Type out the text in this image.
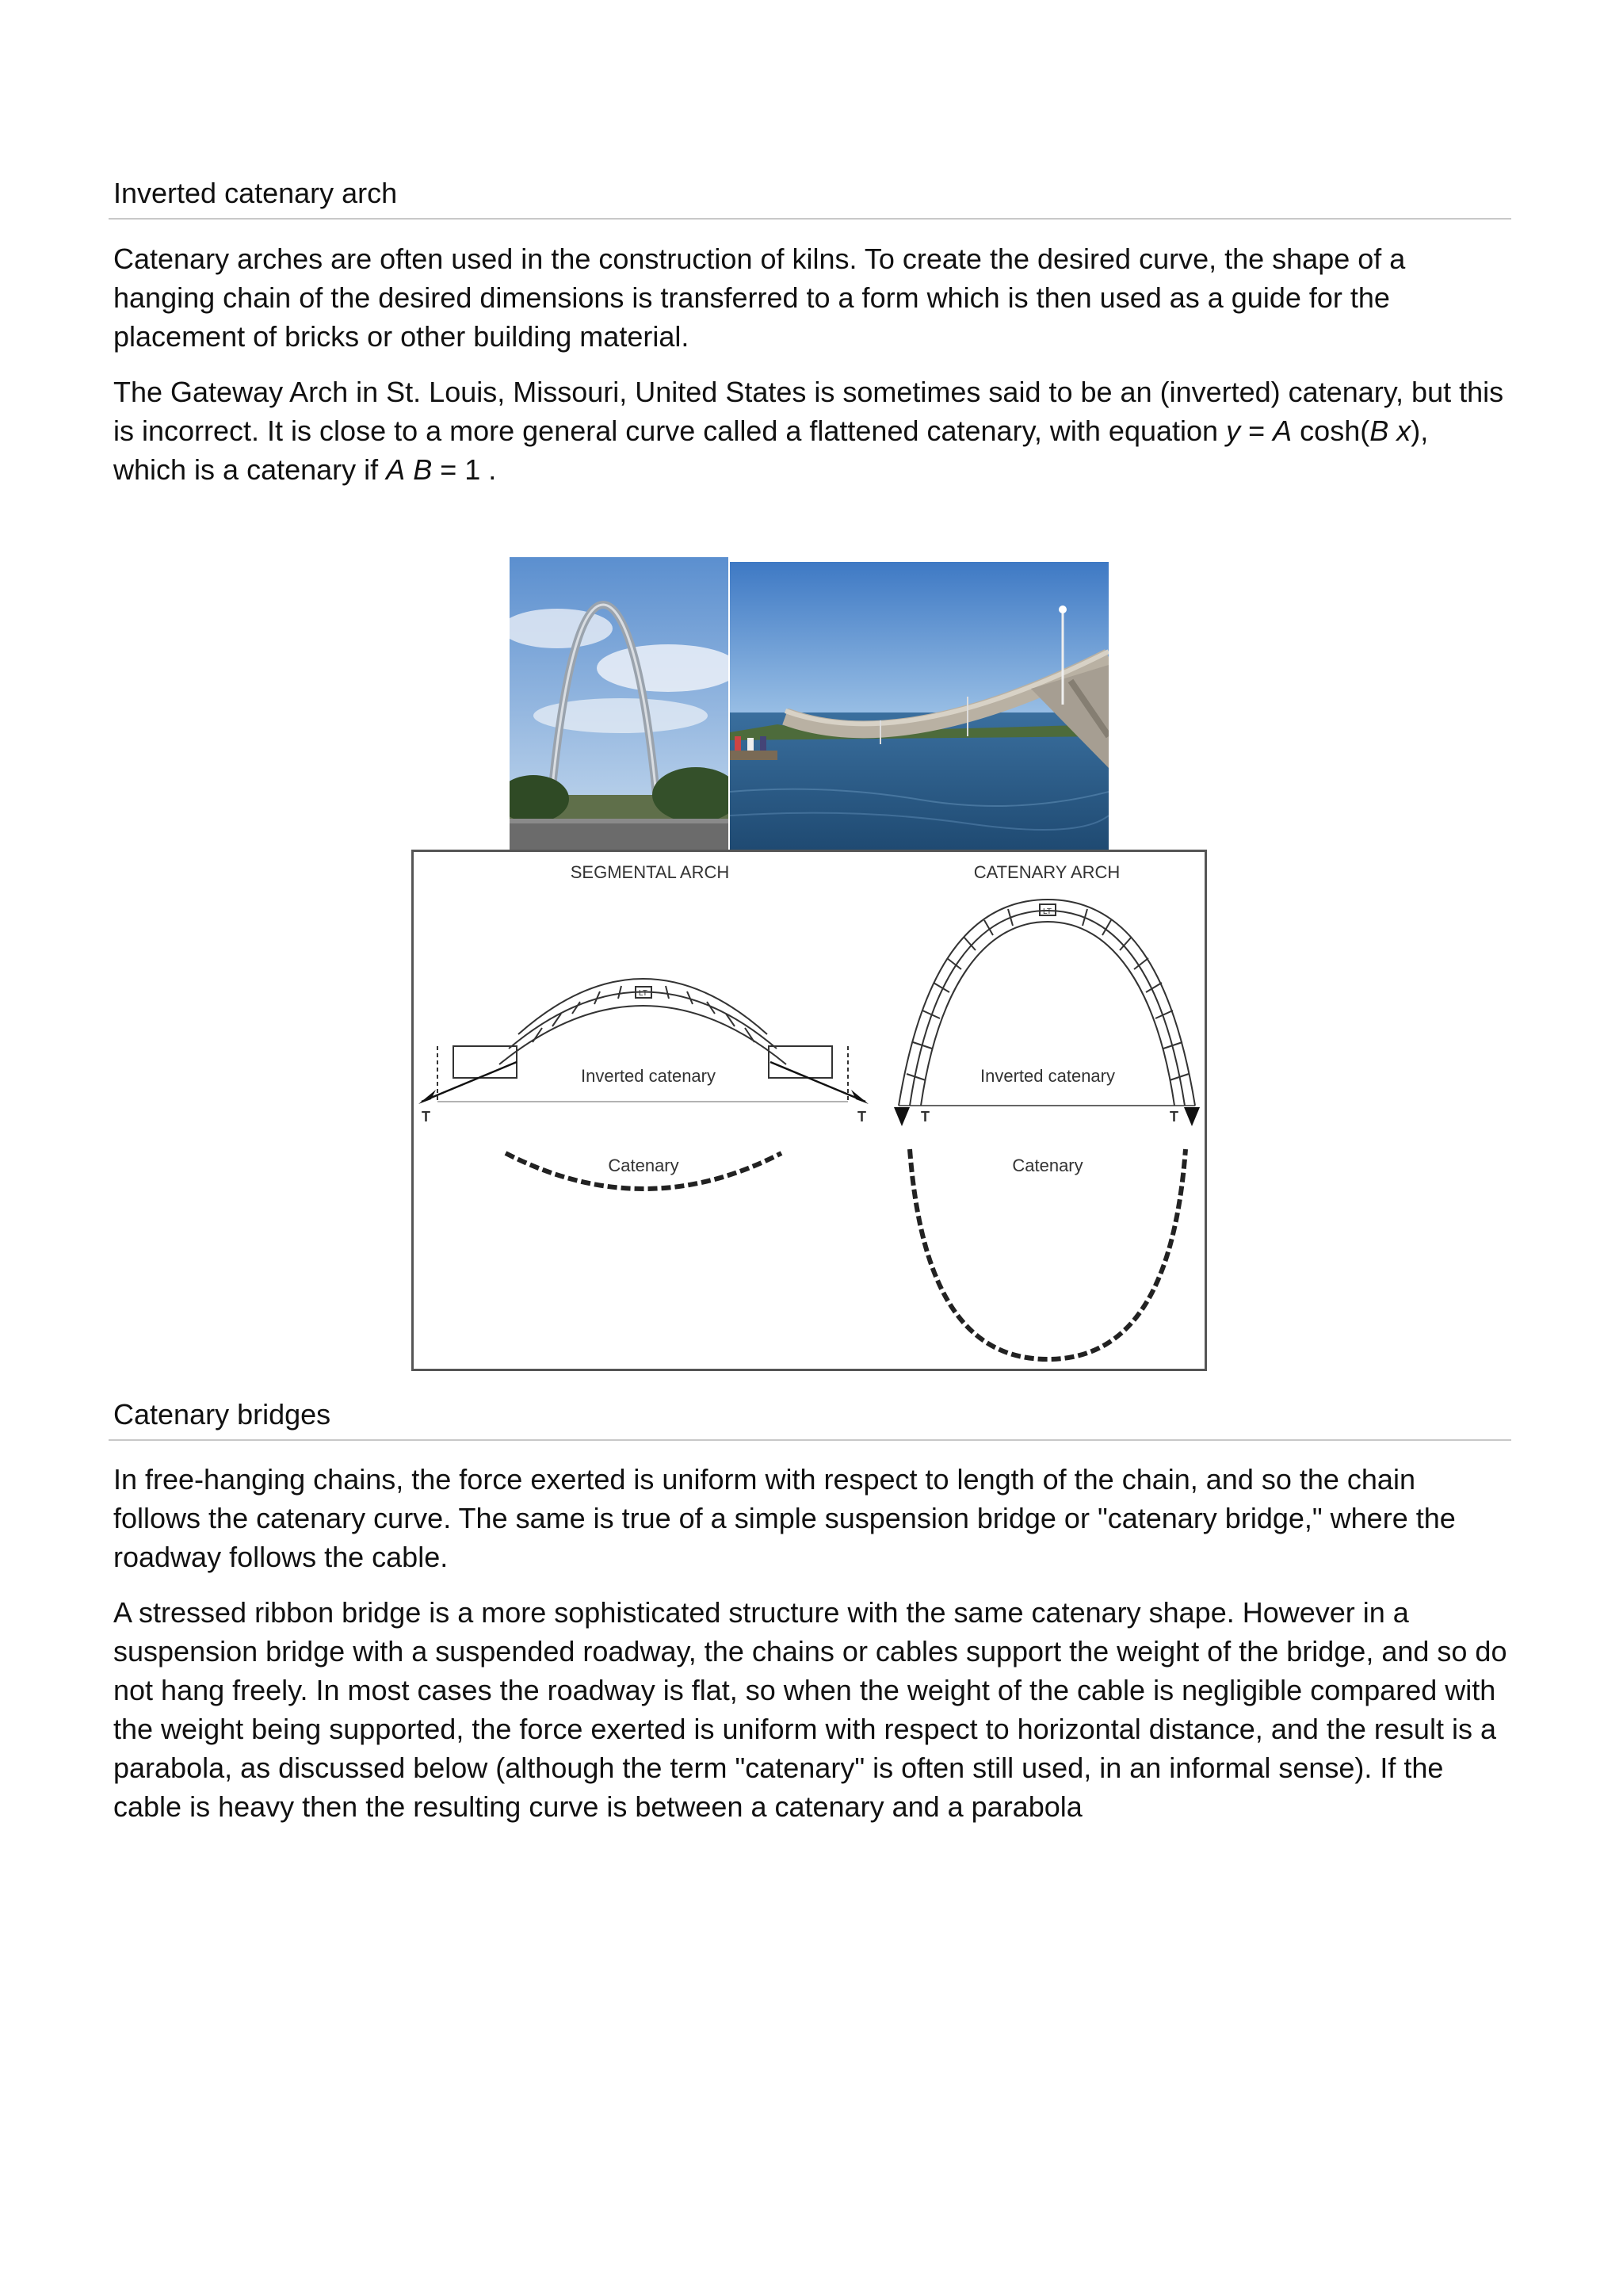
Inverted catenary arch

Catenary arches are often used in the construction of kilns. To create the desired curve, the shape of a hanging chain of the desired dimensions is transferred to a form which is then used as a guide for the placement of bricks or other building material.

The Gateway Arch in St. Louis, Missouri, United States is sometimes said to be an (inverted) catenary, but this is incorrect. It is close to a more general curve called a flattened catenary, with equation y = A cosh(B x), which is a catenary if A B = 1 .

SEGMENTAL ARCH	CATENARY ARCH
Inverted catenary
T	T
LT
Catenary
Inverted catenary
T	T
LT
Catenary
Catenary bridges

In free-hanging chains, the force exerted is uniform with respect to length of the chain, and so the chain follows the catenary curve. The same is true of a simple suspension bridge or "catenary bridge," where the roadway follows the cable.

A stressed ribbon bridge is a more sophisticated structure with the same catenary shape. However in a suspension bridge with a suspended roadway, the chains or cables support the weight of the bridge, and so do not hang freely. In most cases the roadway is flat, so when the weight of the cable is negligible compared with the weight being supported, the force exerted is uniform with respect to horizontal distance, and the result is a parabola, as discussed below (although the term "catenary" is often still used, in an informal sense). If the cable is heavy then the resulting curve is between a catenary and a parabola
